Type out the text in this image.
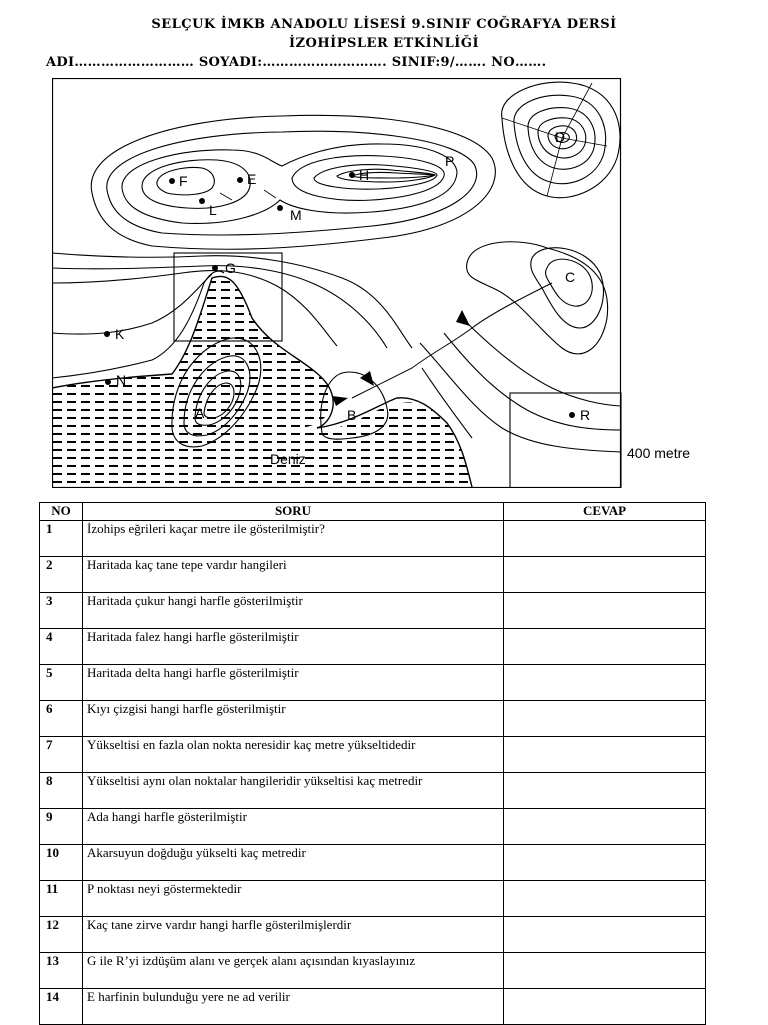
SELÇUK İMKB ANADOLU LİSESİ 9.SINIF COĞRAFYA DERSİ
İZOHİPSLER ETKİNLİĞİ
ADI……………………… SOYADI:………………………. SINIF:9/……. NO…….
F	E	H
P
D
L	M
G
C
K
N
A	B	R
Deniz	400 metre
NO	SORU	CEVAP
1	İzohips eğrileri kaçar metre ile gösterilmiştir?	
2	Haritada kaç tane tepe vardır hangileri	
3	Haritada çukur hangi harfle gösterilmiştir	
4	Haritada falez hangi harfle gösterilmiştir	
5	Haritada delta hangi harfle gösterilmiştir	
6	Kıyı çizgisi hangi harfle gösterilmiştir	
7	Yükseltisi en fazla olan nokta neresidir kaç metre yükseltidedir	
8	Yükseltisi aynı olan noktalar hangileridir yükseltisi kaç metredir	
9	Ada hangi harfle gösterilmiştir	
10	Akarsuyun doğduğu yükselti kaç metredir	
11	P noktası neyi göstermektedir	
12	Kaç tane zirve vardır hangi harfle gösterilmişlerdir	
13	G ile R’yi izdüşüm alanı ve gerçek alanı açısından kıyaslayınız	
14	E harfinin bulunduğu yere ne ad verilir	
